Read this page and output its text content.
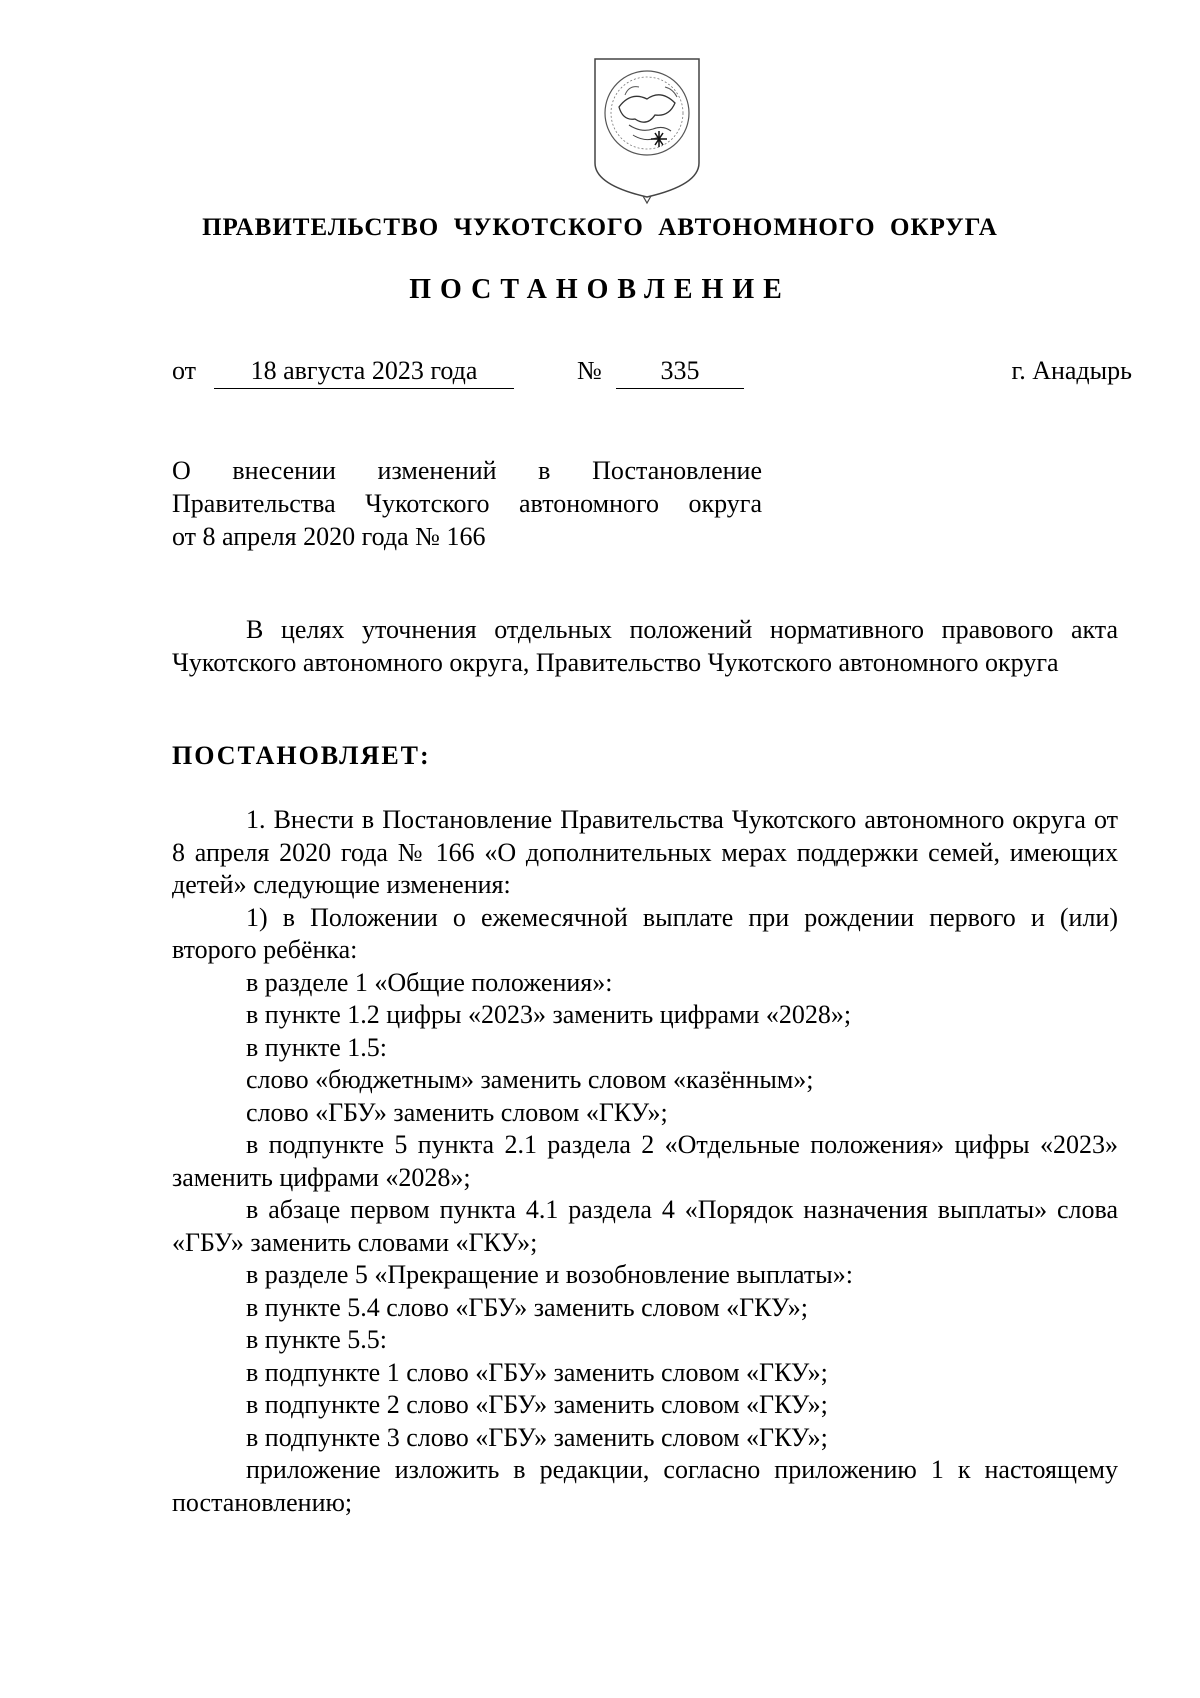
ПРАВИТЕЛЬСТВО  ЧУКОТСКОГО  АВТОНОМНОГО  ОКРУГА
ПОСТАНОВЛЕНИЕ
от	18 августа 2023 года	№	335	г. Анадырь
О внесении изменений в Постановление
Правительства Чукотского автономного округа
от 8 апреля 2020 года № 166

В целях уточнения отдельных положений нормативного правового акта Чукотского автономного округа, Правительство Чукотского автономного округа

ПОСТАНОВЛЯЕТ:

1. Внести в Постановление Правительства Чукотского автономного округа от 8 апреля 2020 года № 166 «О дополнительных мерах поддержки семей, имеющих детей» следующие изменения:

1) в Положении о ежемесячной выплате при рождении первого и (или) второго ребёнка:

в разделе 1 «Общие положения»:

в пункте 1.2 цифры «2023» заменить цифрами «2028»;

в пункте 1.5:

слово «бюджетным» заменить словом «казённым»;

слово «ГБУ» заменить словом «ГКУ»;

в подпункте 5 пункта 2.1 раздела 2 «Отдельные положения» цифры «2023» заменить цифрами «2028»;

в абзаце первом пункта 4.1 раздела 4 «Порядок назначения выплаты» слова «ГБУ» заменить словами «ГКУ»;

в разделе 5 «Прекращение и возобновление выплаты»:

в пункте 5.4 слово «ГБУ» заменить словом «ГКУ»;

в пункте 5.5:

в подпункте 1 слово «ГБУ» заменить словом «ГКУ»;

в подпункте 2 слово «ГБУ» заменить словом «ГКУ»;

в подпункте 3 слово «ГБУ» заменить словом «ГКУ»;

приложение изложить в редакции, согласно приложению 1 к настоящему постановлению;
